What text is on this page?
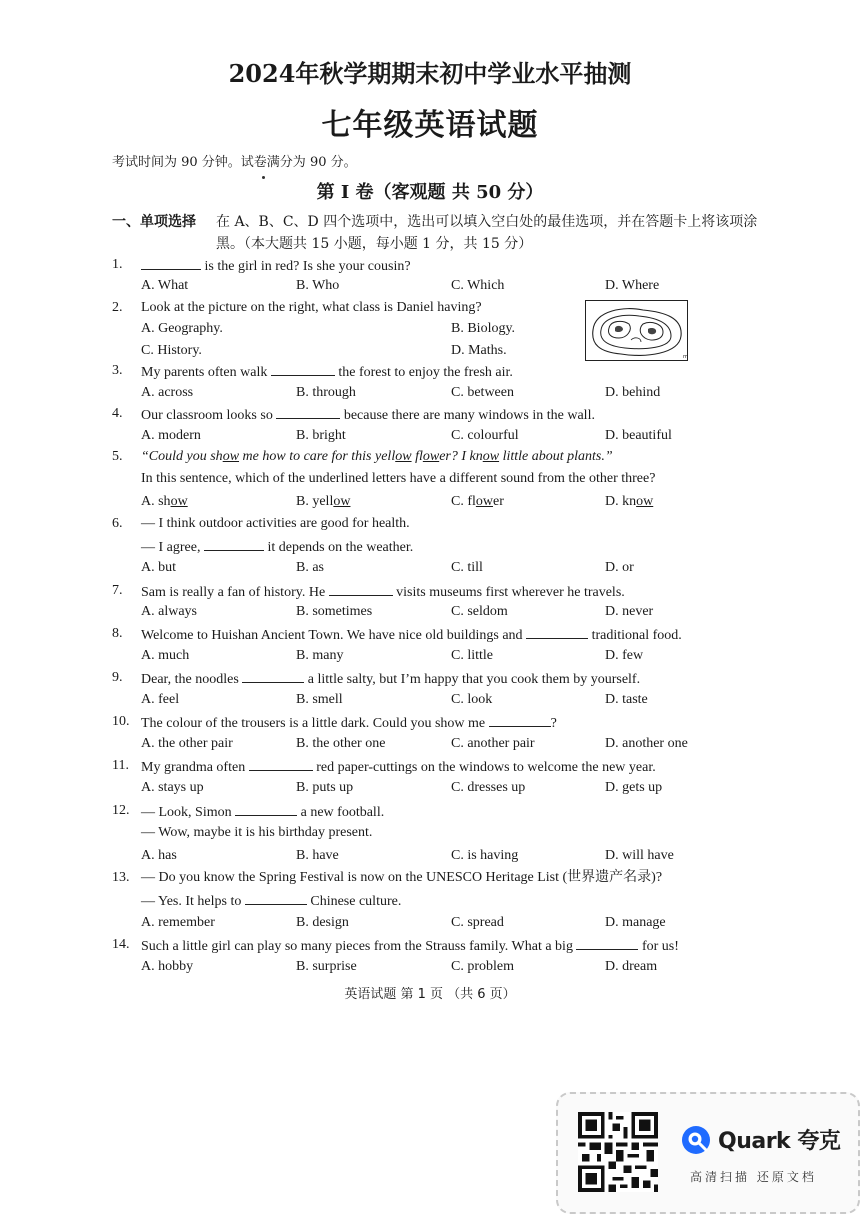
2024年秋学期期末初中学业水平抽测
七年级英语试题
考试时间为 90 分钟。试卷满分为 90 分。
第 I 卷（客观题 共 50 分）
一、单项选择 在 A、B、C、D 四个选项中，选出可以填入空白处的最佳选项，并在答题卡上将该项涂黑。（本大题共 15 小题，每小题 1 分，共 15 分）
1.	is the girl in red? Is she your cousin?
A. What	B. Who	C. Which	D. Where
2. Look at the picture on the right, what class is Daniel having?
A. Geography.	B. Biology.
C. History.	D. Maths.	m
3. My parents often walk	the forest to enjoy the fresh air.
A. across	B. through	C. between	D. behind
4. Our classroom looks so	because there are many windows in the wall.
A. modern	B. bright	C. colourful	D. beautiful
5. “Could you show me how to care for this yellow flower? I know little about plants.”
In this sentence, which of the underlined letters have a different sound from the other three?
A. show	B. yellow	C. flower	D. know
6. — I think outdoor activities are good for health.
— I agree,	it depends on the weather.
A. but	B. as	C. till	D. or
7. Sam is really a fan of history. He	visits museums first wherever he travels.
A. always	B. sometimes	C. seldom	D. never
8. Welcome to Huishan Ancient Town. We have nice old buildings and	traditional food.
A. much	B. many	C. little	D. few
9. Dear, the noodles	a little salty, but I’m happy that you cook them by yourself.
A. feel	B. smell	C. look	D. taste
10. The colour of the trousers is a little dark. Could you show me	?
A. the other pair	B. the other one	C. another pair	D. another one
11. My grandma often	red paper-cuttings on the windows to welcome the new year.
A. stays up	B. puts up	C. dresses up	D. gets up
12. — Look, Simon	a new football.
— Wow, maybe it is his birthday present.
A. has	B. have	C. is having	D. will have
13. — Do you know the Spring Festival is now on the UNESCO Heritage List (世界遗产名录)?
— Yes. It helps to	Chinese culture.
A. remember	B. design	C. spread	D. manage
14. Such a little girl can play so many pieces from the Strauss family. What a big	for us!
A. hobby	B. surprise	C. problem	D. dream
英语试题 第 1 页 （共 6 页）
Quark 夸克
高清扫描 还原文档
